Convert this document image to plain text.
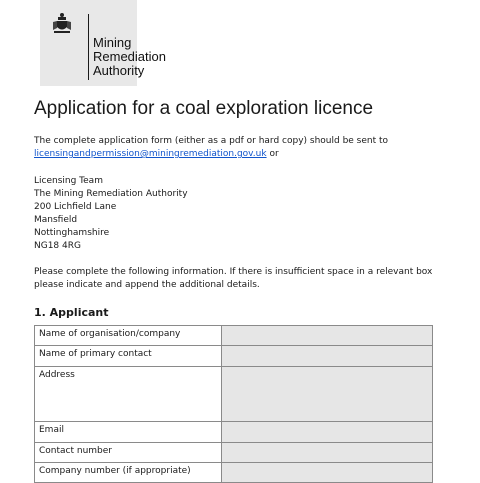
Mining
Remediation
Authority
Application for a coal exploration licence
The complete application form (either as a pdf or hard copy) should be sent to
licensingandpermission@miningremediation.gov.uk or
Licensing Team
The Mining Remediation Authority
200 Lichfield Lane
Mansfield
Nottinghamshire
NG18 4RG
Please complete the following information. If there is insufficient space in a relevant box
please indicate and append the additional details.
1. Applicant
Name of organisation/company	
Name of primary contact	
Address	
Email	
Contact number	
Company number (if appropriate)	
